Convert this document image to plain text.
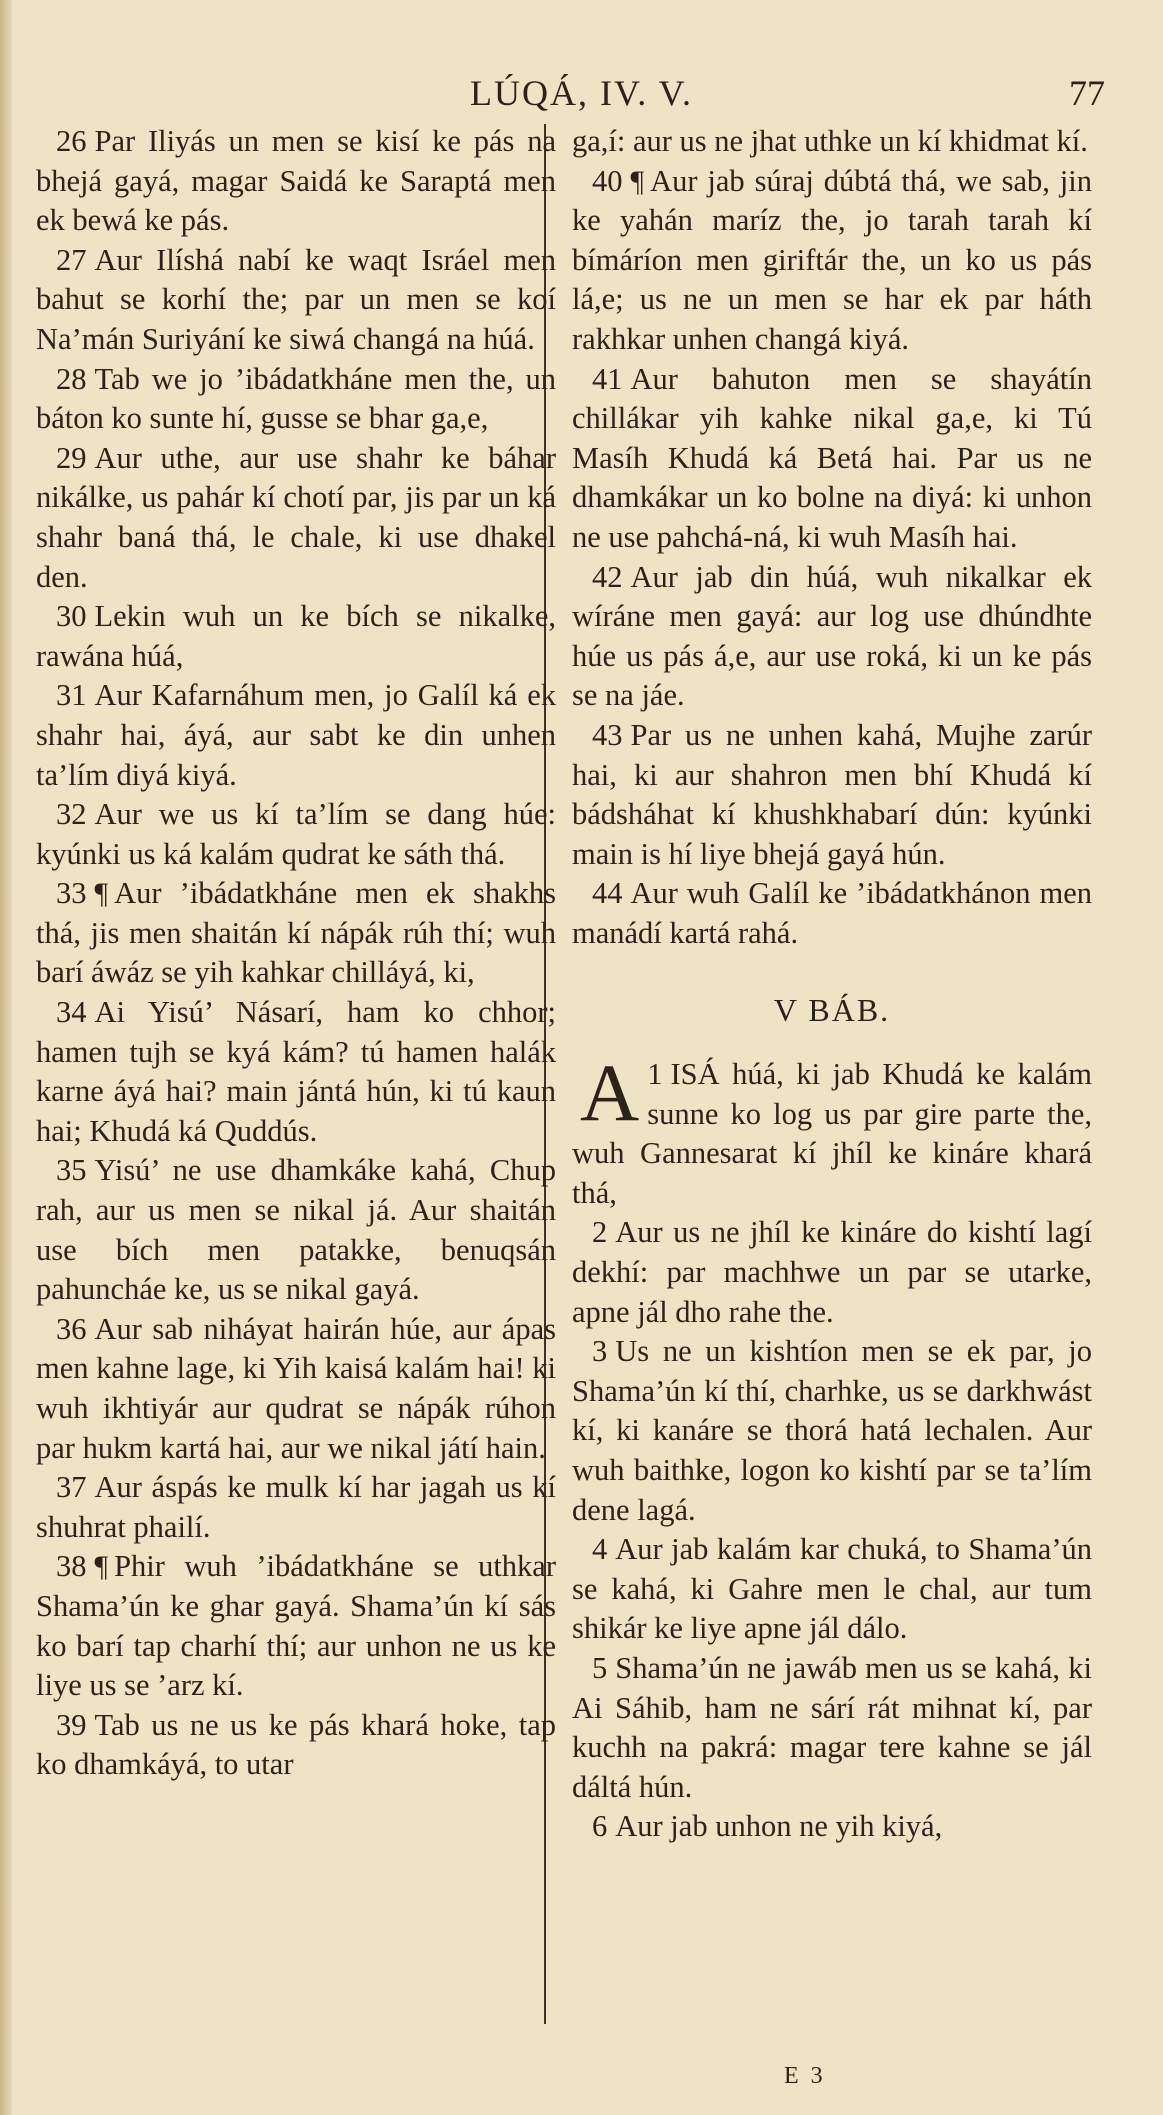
LÚQÁ, IV. V.	77

26 Par Iliyás un men se kisí ke pás na bhejá gayá, magar Saidá ke Saraptá men ek bewá ke pás.

27 Aur Ilíshá nabí ke waqt Isráel men bahut se korhí the; par un men se koí Na’mán Suriyání ke siwá changá na húá.

28 Tab we jo ’ibádatkháne men the, un báton ko sunte hí, gusse se bhar ga,e,

29 Aur uthe, aur use shahr ke báhar nikálke, us pahár kí chotí par, jis par un ká shahr baná thá, le chale, ki use dhakel den.

30 Lekin wuh un ke bích se nikalke, rawána húá,

31 Aur Kafarnáhum men, jo Galíl ká ek shahr hai, áyá, aur sabt ke din unhen ta’lím diyá kiyá.

32 Aur we us kí ta’lím se dang húe: kyúnki us ká kalám qudrat ke sáth thá.

33 ¶ Aur ’ibádatkháne men ek shakhs thá, jis men shaitán kí nápák rúh thí; wuh barí áwáz se yih kahkar chilláyá, ki,

34 Ai Yisú’ Násarí, ham ko chhor; hamen tujh se kyá kám? tú hamen halák karne áyá hai? main jántá hún, ki tú kaun hai; Khudá ká Quddús.

35 Yisú’ ne use dhamkáke kahá, Chup rah, aur us men se nikal já. Aur shaitán use bích men patakke, benuqsán pahuncháe ke, us se nikal gayá.

36 Aur sab niháyat hairán húe, aur ápas men kahne lage, ki Yih kaisá kalám hai! ki wuh ikhtiyár aur qudrat se nápák rúhon par hukm kartá hai, aur we nikal játí hain.

37 Aur áspás ke mulk kí har jagah us kí shuhrat phailí.

38 ¶ Phir wuh ’ibádatkháne se uthkar Shama’ún ke ghar gayá. Shama’ún kí sás ko barí tap charhí thí; aur unhon ne us ke liye us se ’arz kí.

39 Tab us ne us ke pás khará hoke, tap ko dhamkáyá, to utar

ga,í: aur us ne jhat uthke un kí khidmat kí.

40 ¶ Aur jab súraj dúbtá thá, we sab, jin ke yahán maríz the, jo tarah tarah kí bímáríon men giriftár the, un ko us pás lá,e; us ne un men se har ek par háth rakhkar unhen changá kiyá.

41 Aur bahuton men se shayátín chillákar yih kahke nikal ga,e, ki Tú Masíh Khudá ká Betá hai. Par us ne dhamkákar un ko bolne na diyá: ki unhon ne use pahchá-ná, ki wuh Masíh hai.

42 Aur jab din húá, wuh nikalkar ek wíráne men gayá: aur log use dhúndhte húe us pás á,e, aur use roká, ki un ke pás se na jáe.

43 Par us ne unhen kahá, Mujhe zarúr hai, ki aur shahron men bhí Khudá kí bádsháhat kí khushkhabarí dún: kyúnki main is hí liye bhejá gayá hún.

44 Aur wuh Galíl ke ’ibádatkhánon men manádí kartá rahá.

V BÁB.

1
A ISÁ húá, ki jab Khudá ke kalám sunne ko log us par gire parte the, wuh Gannesarat kí jhíl ke kináre khará thá,

2 Aur us ne jhíl ke kináre do kishtí lagí dekhí: par machhwe un par se utarke, apne jál dho rahe the.

3 Us ne un kishtíon men se ek par, jo Shama’ún kí thí, charhke, us se darkhwást kí, ki kanáre se thorá hatá lechalen. Aur wuh baithke, logon ko kishtí par se ta’lím dene lagá.

4 Aur jab kalám kar chuká, to Shama’ún se kahá, ki Gahre men le chal, aur tum shikár ke liye apne jál dálo.

5 Shama’ún ne jawáb men us se kahá, ki Ai Sáhib, ham ne sárí rát mihnat kí, par kuchh na pakrá: magar tere kahne se jál dáltá hún.

6 Aur jab unhon ne yih kiyá,

E 3
